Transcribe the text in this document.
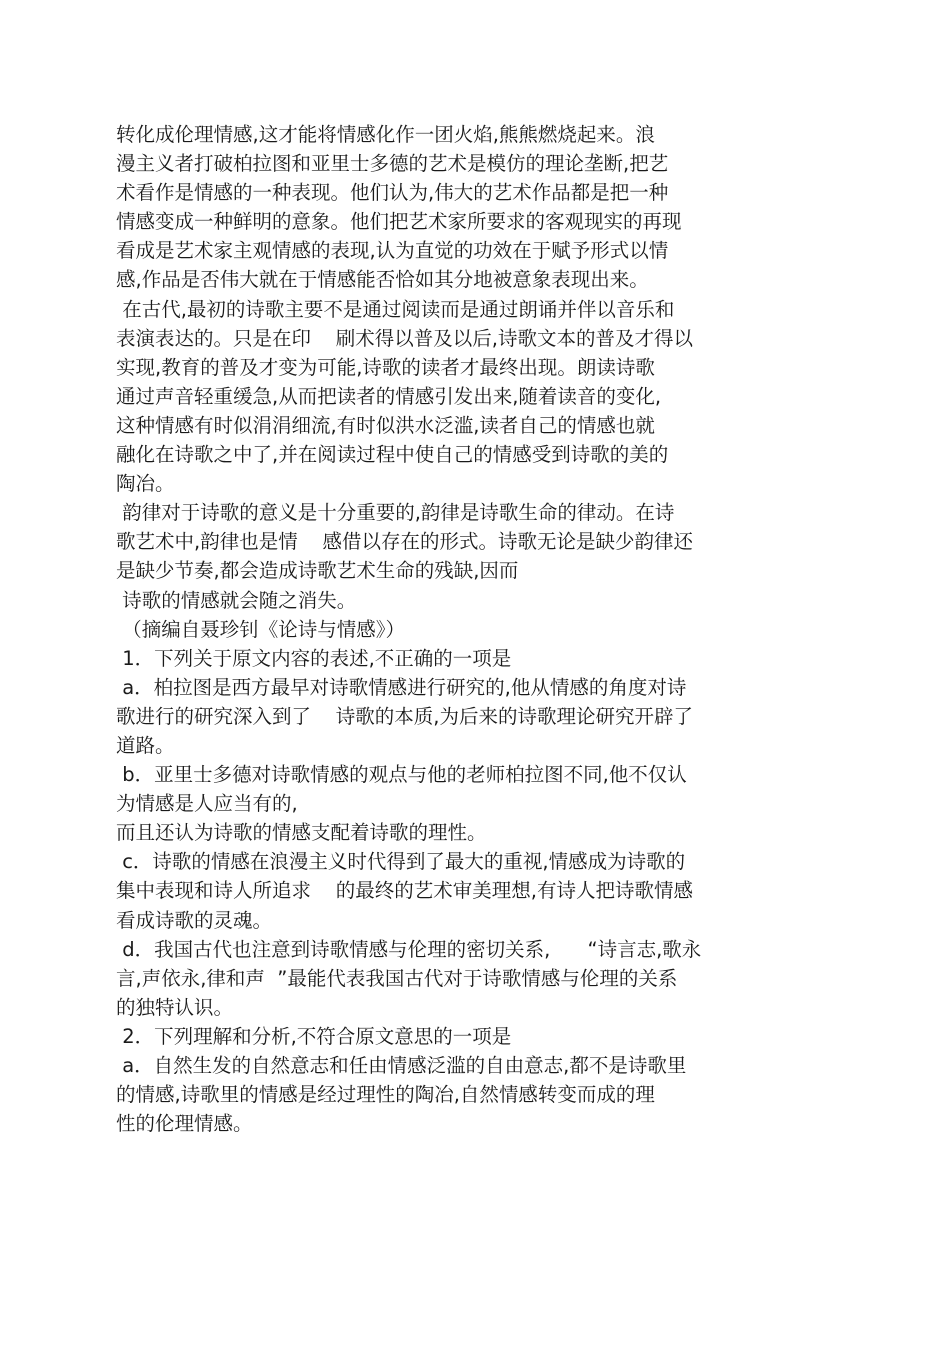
转化成伦理情感,这才能将情感化作一团火焰,熊熊燃烧起来。浪
漫主义者打破柏拉图和亚里士多德的艺术是模仿的理论垄断,把艺
术看作是情感的一种表现。他们认为,伟大的艺术作品都是把一种
情感变成一种鲜明的意象。他们把艺术家所要求的客观现实的再现
看成是艺术家主观情感的表现,认为直觉的功效在于赋予形式以情
感,作品是否伟大就在于情感能否恰如其分地被意象表现出来。
在古代,最初的诗歌主要不是通过阅读而是通过朗诵并伴以音乐和
表演表达的。只是在印    刷术得以普及以后,诗歌文本的普及才得以
实现,教育的普及才变为可能,诗歌的读者才最终出现。朗读诗歌
通过声音轻重缓急,从而把读者的情感引发出来,随着读音的变化,
这种情感有时似涓涓细流,有时似洪水泛滥,读者自己的情感也就
融化在诗歌之中了,并在阅读过程中使自己的情感受到诗歌的美的
陶冶。
韵律对于诗歌的意义是十分重要的,韵律是诗歌生命的律动。在诗
歌艺术中,韵律也是情    感借以存在的形式。诗歌无论是缺少韵律还
是缺少节奏,都会造成诗歌艺术生命的残缺,因而
诗歌的情感就会随之消失。
（摘编自聂珍钊《论诗与情感》）
1．下列关于原文内容的表述,不正确的一项是
a．柏拉图是西方最早对诗歌情感进行研究的,他从情感的角度对诗
歌进行的研究深入到了    诗歌的本质,为后来的诗歌理论研究开辟了
道路。
b．亚里士多德对诗歌情感的观点与他的老师柏拉图不同,他不仅认
为情感是人应当有的,
而且还认为诗歌的情感支配着诗歌的理性。
c．诗歌的情感在浪漫主义时代得到了最大的重视,情感成为诗歌的
集中表现和诗人所追求    的最终的艺术审美理想,有诗人把诗歌情感
看成诗歌的灵魂。
d．我国古代也注意到诗歌情感与伦理的密切关系,      “诗言志,歌永
言,声依永,律和声  ”最能代表我国古代对于诗歌情感与伦理的关系
的独特认识。
2．下列理解和分析,不符合原文意思的一项是
a．自然生发的自然意志和任由情感泛滥的自由意志,都不是诗歌里
的情感,诗歌里的情感是经过理性的陶冶,自然情感转变而成的理
性的伦理情感。
